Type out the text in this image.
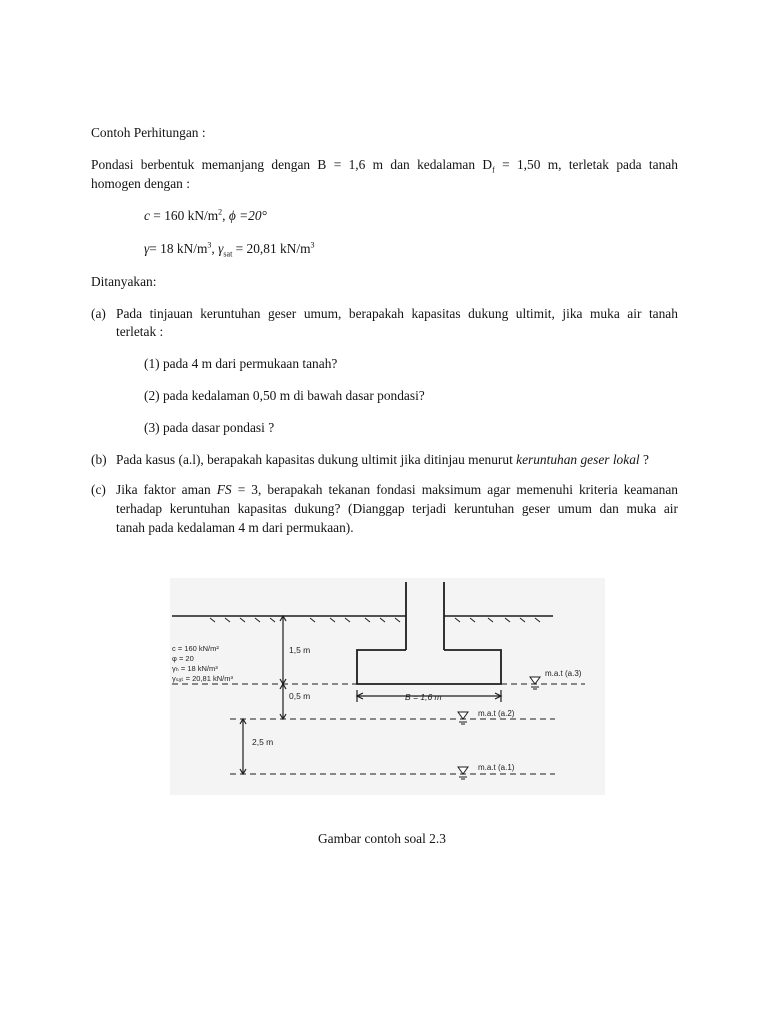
Contoh Perhitungan :
Pondasi berbentuk memanjang dengan B = 1,6 m dan kedalaman $D_f = 1,50$ m, terletak pada tanah
homogen dengan :
c = 160 $kN/m^2$, ϕ =20°
γ= 18 $kN/m^3$, $\gamma_{sat} = 20,81$ $kN/m^3$
Ditanyakan:
(a) Pada tinjauan keruntuhan geser umum, berapakah kapasitas dukung ultimit, jika muka air tanah
terletak :
(1) pada 4 m dari permukaan tanah?
(2) pada kedalaman 0,50 m di bawah dasar pondasi?
(3) pada dasar pondasi ?
(b) Pada kasus (a.l), berapakah kapasitas dukung ultimit jika ditinjau menurut keruntuhan geser lokal ?
(c) Jika faktor aman FS = 3, berapakah tekanan fondasi maksimum agar memenuhi kriteria keamanan
terhadap keruntuhan kapasitas dukung? (Dianggap terjadi keruntuhan geser umum dan muka air
tanah pada kedalaman 4 m dari permukaan).
c = 160 kN/m²
φ = 20
γₕ = 18 kN/m³
γₛₐₜ = 20,81 kN/m³
1,5 m
0,5 m
2,5 m
B = 1,6 m
m.a.t (a.3)
m.a.t (a.2)
m.a.t (a.1)
Gambar contoh soal 2.3
